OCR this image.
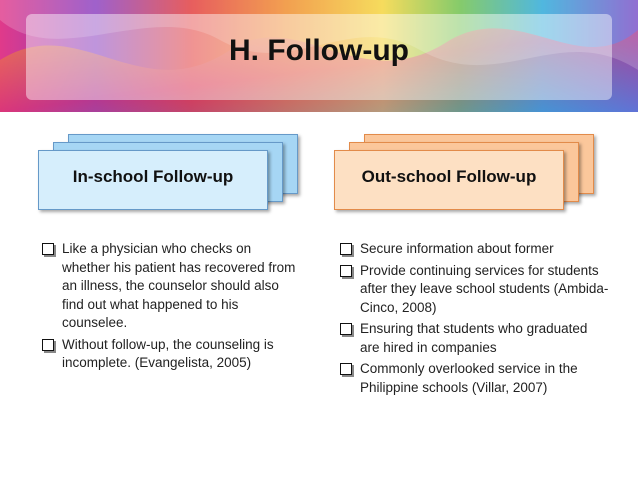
H. Follow-up
In-school Follow-up	Out-school Follow-up
Like a physician who checks on whether his patient has recovered from an illness, the counselor should also find out what happened to his counselee.
Without follow-up, the counseling is incomplete. (Evangelista, 2005)
Secure information about former
Provide continuing services for students after they leave school students (Ambida-Cinco, 2008)
Ensuring that students who graduated are hired in companies
Commonly overlooked service in the Philippine schools (Villar, 2007)
